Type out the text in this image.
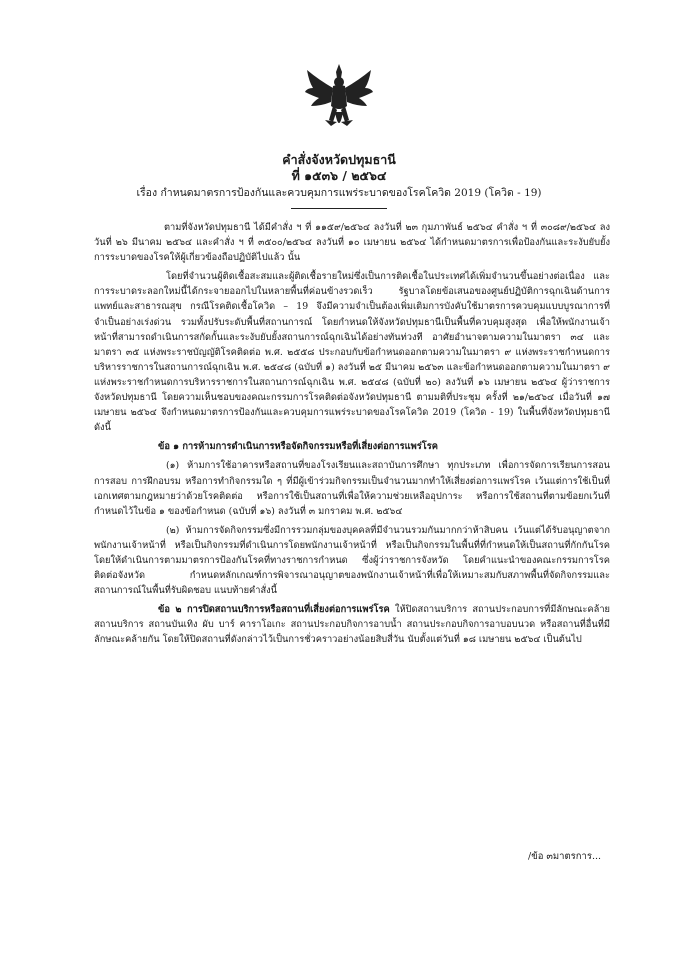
คำสั่งจังหวัดปทุมธานี
ที่ ๑๕๓๖ / ๒๕๖๔
เรื่อง กำหนดมาตรการป้องกันและควบคุมการแพร่ระบาดของโรคโควิด 2019 (โควิด - 19)

ตามที่จังหวัดปทุมธานี ได้มีคำสั่ง ฯ ที่ ๑๑๕๙/๒๕๖๔ ลงวันที่ ๒๓ กุมภาพันธ์ ๒๕๖๔ คำสั่ง ฯ ที่ ๓๐๘๙/๒๕๖๔ ลงวันที่ ๒๖ มีนาคม ๒๕๖๔ และคำสั่ง ฯ ที่ ๓๕๐๐/๒๕๖๔ ลงวันที่ ๑๐ เมษายน ๒๕๖๔ ได้กำหนดมาตรการเพื่อป้องกันและระงับยับยั้งการระบาดของโรคให้ผู้เกี่ยวข้องถือปฏิบัติไปแล้ว นั้น

โดยที่จำนวนผู้ติดเชื้อสะสมและผู้ติดเชื้อรายใหม่ซึ่งเป็นการติดเชื้อในประเทศได้เพิ่มจำนวนขึ้นอย่างต่อเนื่อง และการระบาดระลอกใหม่นี้ได้กระจายออกไปในหลายพื้นที่ค่อนข้างรวดเร็ว รัฐบาลโดยข้อเสนอของศูนย์ปฏิบัติการฉุกเฉินด้านการแพทย์และสาธารณสุข กรณีโรคติดเชื้อโควิด – 19 จึงมีความจำเป็นต้องเพิ่มเติมการบังคับใช้มาตรการควบคุมแบบบูรณาการที่จำเป็นอย่างเร่งด่วน รวมทั้งปรับระดับพื้นที่สถานการณ์ โดยกำหนดให้จังหวัดปทุมธานีเป็นพื้นที่ควบคุมสูงสุด เพื่อให้พนักงานเจ้าหน้าที่สามารถดำเนินการสกัดกั้นและระงับยับยั้งสถานการณ์ฉุกเฉินได้อย่างทันท่วงที อาศัยอำนาจตามความในมาตรา ๓๔ และมาตรา ๓๕ แห่งพระราชบัญญัติโรคติดต่อ พ.ศ. ๒๕๕๘ ประกอบกับข้อกำหนดออกตามความในมาตรา ๙ แห่งพระราชกำหนดการบริหารราชการในสถานการณ์ฉุกเฉิน พ.ศ. ๒๕๔๘ (ฉบับที่ ๑) ลงวันที่ ๒๕ มีนาคม ๒๕๖๓ และข้อกำหนดออกตามความในมาตรา ๙ แห่งพระราชกำหนดการบริหารราชการในสถานการณ์ฉุกเฉิน พ.ศ. ๒๕๔๘ (ฉบับที่ ๒๐) ลงวันที่ ๑๖ เมษายน ๒๕๖๔ ผู้ว่าราชการจังหวัดปทุมธานี โดยความเห็นชอบของคณะกรรมการโรคติดต่อจังหวัดปทุมธานี ตามมติที่ประชุม ครั้งที่ ๒๑/๒๕๖๔ เมื่อวันที่ ๑๗ เมษายน ๒๕๖๔ จึงกำหนดมาตรการป้องกันและควบคุมการแพร่ระบาดของโรคโควิด 2019 (โควิด - 19) ในพื้นที่จังหวัดปทุมธานี ดังนี้

ข้อ ๑ การห้ามการดำเนินการหรือจัดกิจกรรมหรือที่เสี่ยงต่อการแพร่โรค

(๑) ห้ามการใช้อาคารหรือสถานที่ของโรงเรียนและสถาบันการศึกษา ทุกประเภท เพื่อการจัดการเรียนการสอน การสอบ การฝึกอบรม หรือการทำกิจกรรมใด ๆ ที่มีผู้เข้าร่วมกิจกรรมเป็นจำนวนมากทำให้เสี่ยงต่อการแพร่โรค เว้นแต่การใช้เป็นที่เอกเทศตามกฎหมายว่าด้วยโรคติดต่อ หรือการใช้เป็นสถานที่เพื่อให้ความช่วยเหลืออุปการะ หรือการใช้สถานที่ตามข้อยกเว้นที่กำหนดไว้ในข้อ ๑ ของข้อกำหนด (ฉบับที่ ๑๖) ลงวันที่ ๓ มกราคม พ.ศ. ๒๕๖๔

(๒) ห้ามการจัดกิจกรรมซึ่งมีการรวมกลุ่มของบุคคลที่มีจำนวนรวมกันมากกว่าห้าสิบคน เว้นแต่ได้รับอนุญาตจากพนักงานเจ้าหน้าที่ หรือเป็นกิจกรรมที่ดำเนินการโดยพนักงานเจ้าหน้าที่ หรือเป็นกิจกรรมในพื้นที่ที่กำหนดให้เป็นสถานที่กักกันโรค โดยให้ดำเนินการตามมาตรการป้องกันโรคที่ทางราชการกำหนด ซึ่งผู้ว่าราชการจังหวัด โดยคำแนะนำของคณะกรรมการโรคติดต่อจังหวัด กำหนดหลักเกณฑ์การพิจารณาอนุญาตของพนักงานเจ้าหน้าที่เพื่อให้เหมาะสมกับสภาพพื้นที่จัดกิจกรรมและสถานการณ์ในพื้นที่รับผิดชอบ แนบท้ายคำสั่งนี้

ข้อ ๒ การปิดสถานบริการหรือสถานที่เสี่ยงต่อการแพร่โรค ให้ปิดสถานบริการ สถานประกอบการที่มีลักษณะคล้ายสถานบริการ สถานบันเทิง ผับ บาร์ คาราโอเกะ สถานประกอบกิจการอาบน้ำ สถานประกอบกิจการอาบอบนวด หรือสถานที่อื่นที่มีลักษณะคล้ายกัน โดยให้ปิดสถานที่ดังกล่าวไว้เป็นการชั่วคราวอย่างน้อยสิบสี่วัน นับตั้งแต่วันที่ ๑๘ เมษายน ๒๕๖๔ เป็นต้นไป

/ข้อ ๓มาตรการ...
